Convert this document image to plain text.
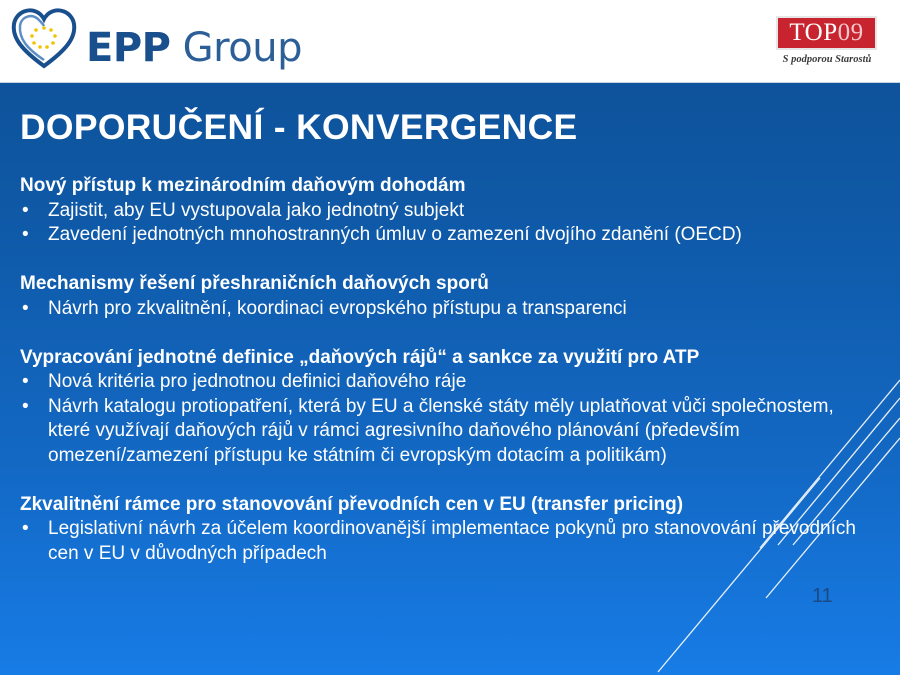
EPP Group	TOP09
S podporou Starostů
DOPORUČENÍ - KONVERGENCE
Nový přístup k mezinárodním daňovým dohodám
• Zajistit, aby EU vystupovala jako jednotný subjekt
• Zavedení jednotných mnohostranných úmluv o zamezení dvojího zdanění (OECD)
Mechanismy řešení přeshraničních daňových sporů
• Návrh pro zkvalitnění, koordinaci evropského přístupu a transparenci
Vypracování jednotné definice „daňových rájů“ a sankce za využití pro ATP
• Nová kritéria pro jednotnou definici daňového ráje
• Návrh katalogu protiopatření, která by EU a členské státy měly uplatňovat vůči společnostem, které využívají daňových rájů v rámci agresivního daňového plánování (především omezení/zamezení přístupu ke státním či evropským dotacím a politikám)
Zkvalitnění rámce pro stanovování převodních cen v EU (transfer pricing)
• Legislativní návrh za účelem koordinovanější implementace pokynů pro stanovování převodních cen v EU v důvodných případech
11
